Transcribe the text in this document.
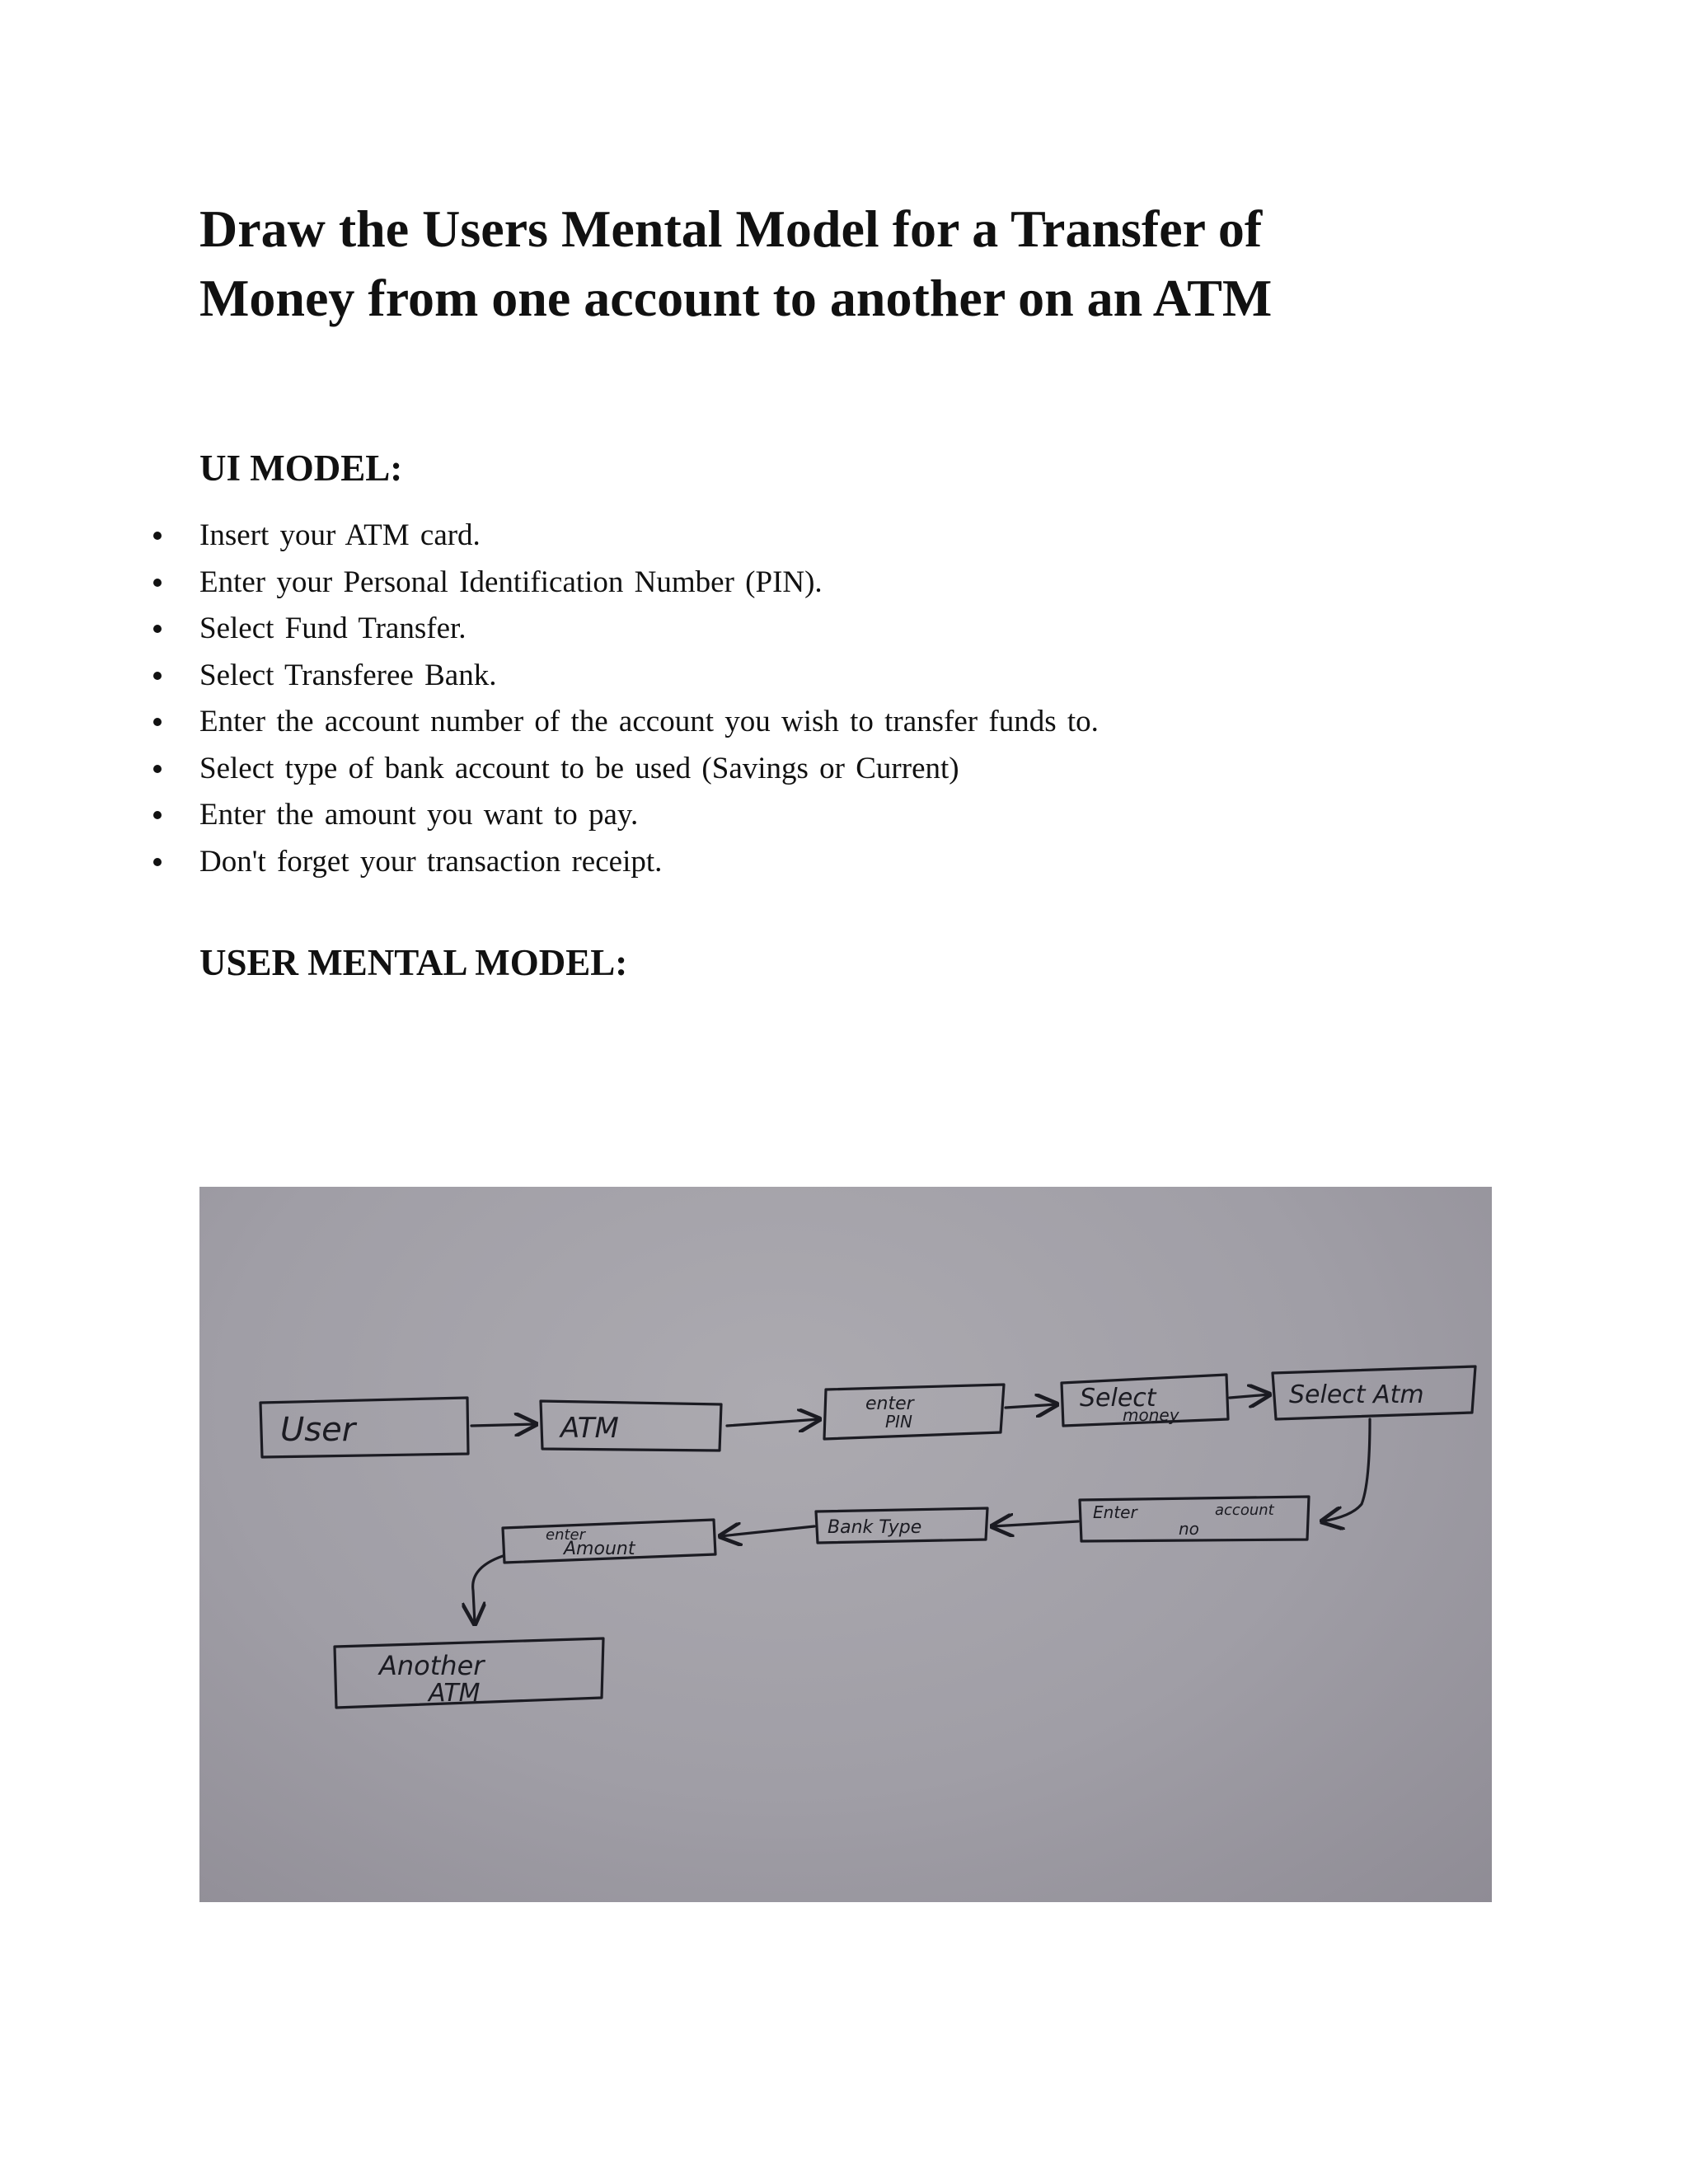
Draw the Users Mental Model for a Transfer of
Money from one account to another on an ATM
UI MODEL:
Insert your ATM card.
Enter your Personal Identification Number (PIN).
Select Fund Transfer.
Select Transferee Bank.
Enter the account number of the account you wish to transfer funds to.
Select type of bank account to be used (Savings or Current)
Enter the amount you want to pay.
Don't forget your transaction receipt.
USER MENTAL MODEL:
User	ATM
enter
PIN
Select
money
Select Atm
Enter	account
no
Bank Type
enter
Amount
Another
ATM
